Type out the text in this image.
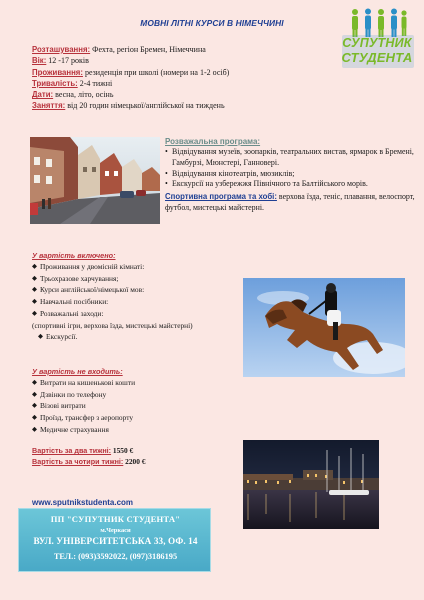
МОВНІ ЛІТНІ КУРСИ В НІМЕЧЧИНІ
СУПУТНИК
СТУДЕНТА
Розташування: Фехта, регіон Бремен, Німеччина
Вік: 12 -17 років
Проживання: резиденція при школі (номери на 1-2 осіб)
Тривалість: 2-4 тижні
Дати: весна, літо, осінь
Заняття: від 20 годин німецької/англійської на тиждень
Розважальна програма:
• Відвідування музеїв, зоопарків, театральних вистав, ярмарок в Бремені, Гамбурзі, Мюнстері, Ганновері.
• Відвідування кінотеатрів, мюзиклів;
• Екскурсії на узбережжя Північного та Балтійського морів.
Спортивна програма та хобі: верхова їзда, теніс, плавання, велоспорт, футбол, мистецькі майстерні.
У вартість включено:
◆ Проживання у двомісній кімнаті:
◆ Трьохразове харчування;
◆ Курси англійської/німецької мов:
◆ Навчальні посібники:
◆ Розважальні заходи:
(спортивні ігри, верхова їзда, мистецькі майстерні)
◆ Екскурсії.
У вартість не входить:
◆ Витрати на кишенькові кошти
◆ Дзвінки по телефону
◆ Візові витрати
◆ Проїзд, трансфер з аеропорту
◆ Медичне страхування
Вартість за два тижні: 1550 €
Вартість за чотири тижні: 2200 €
www.sputnikstudenta.com
ПП "СУПУТНИК СТУДЕНТА"
м.Черкаси
ВУЛ. УНІВЕРСИТЕТСЬКА 33, ОФ. 14
ТЕЛ.: (093)3592022, (097)3186195
